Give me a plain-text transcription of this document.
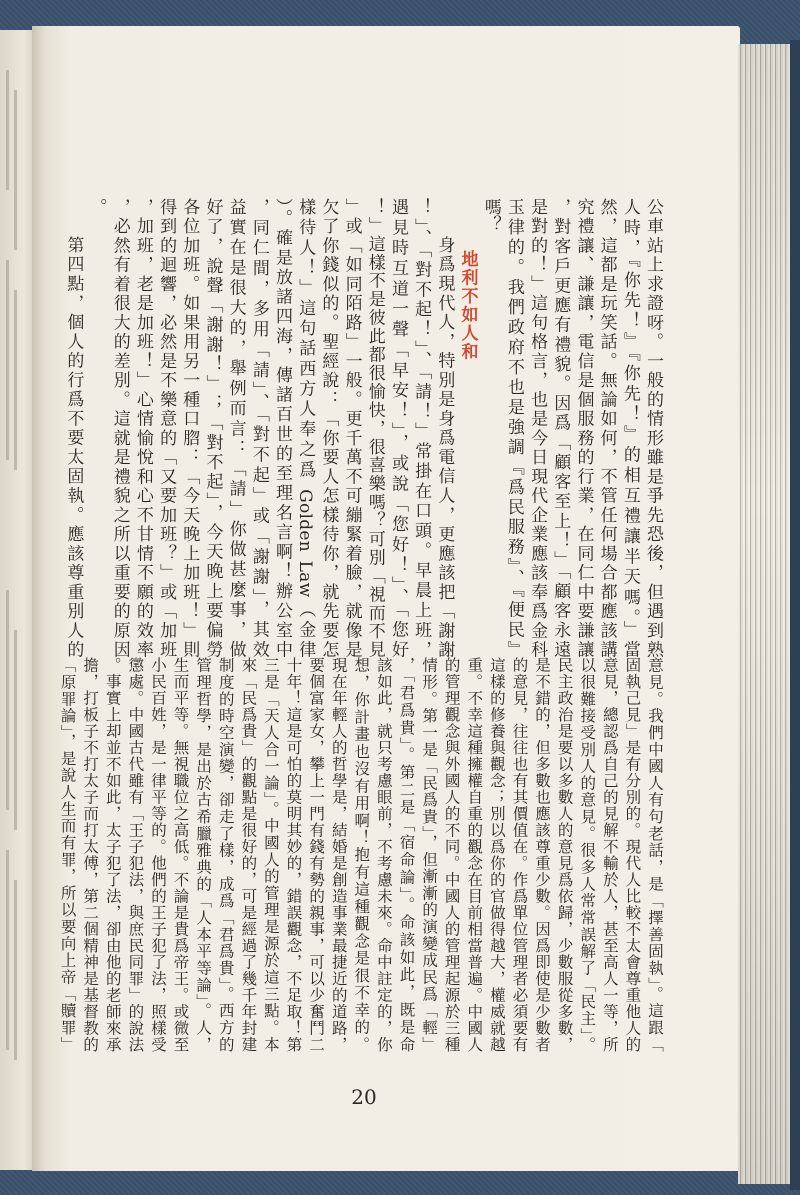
公車站上求證呀。一般的情形雖是爭先恐後，但遇到熟
人時，『你先！』『你先！』的相互禮讓半天嗎。」當
然，這都是玩笑話。無論如何，不管任何場合都應該講
究禮讓、謙讓，電信是個服務的行業，在同仁中要謙讓
，對客戶更應有禮貌。因爲「顧客至上！」「顧客永遠
是對的！」這句格言，也是今日現代企業應該奉爲金科
玉律的。我們政府不也是強調『爲民服務』、『便民』
嗎？
地利不如人和
身爲現代人，特別是身爲電信人，更應該把「謝謝
！」、「對不起！」、「請！」常掛在口頭。早晨上班，
遇見時互道一聲「早安！」，或說「您好！」、「您好
！」這樣不是彼此都很愉快，很喜樂嗎？可別「視而不見
」或「如同陌路」一般。更千萬不可繃緊着臉，就像是
欠了你錢似的。聖經說：「你要人怎樣待你，就先要怎
樣待人！」這句話西方人奉之爲 Golden Law（金律
）。確是放諸四海，傳諸百世的至理名言啊！辦公室中
，同仁間，多用「請」、「對不起」或「謝謝」，其效
益實在是很大的，舉例而言：「請」你做甚麼事，做
好了，說聲「謝謝！」；「對不起」，今天晚上要偏勞
各位加班。如果用另一種口脗：「今天晚上加班！」則
得到的迴響，必然是不樂意的「又要加班？」或「加班
，加班，老是加班！」心情愉悅和心不甘情不願的效率
，必然有着很大的差別。這就是禮貌之所以重要的原因
。
第四點，個人的行爲不要太固執。應該尊重別人的
意見。我們中國人有句老話，是「擇善固執」。這跟「
固執己見」是有分別的。現代人比較不太會尊重他人的
意見，總認爲自己的見解不輸於人，甚至高人一等，所
以很難接受別人的意見。很多人常常誤解了「民主」。
民主政治是要以多數人的意見爲依歸，少數服從多數，
是不錯的，但多數也應該尊重少數。因爲即使是少數者
的意見，往往也有其價值在。作爲單位管理者必須要有
這樣的修養與觀念；別以爲你的官做得越大，權威就越
重。不幸這種擁權自重的觀念在目前相當普遍。中國人
的管理觀念與外國人的不同。中國人的管理起源於三種
情形。第一是「民爲貴」，但漸漸的演變成民爲「輕」
，「君爲貴」。第二是「宿命論」。命該如此，既是命
該如此，就只考慮眼前，不考慮未來。命中註定的，你
想，你計畫也沒有用啊！抱有這種觀念是很不幸的。
現在年輕人的哲學是，結婚是創造事業最捷近的道路，
要個富家女，攀上一門有錢有勢的親事，可以少奮鬥二
十年！這是可怕的莫明其妙的，錯誤觀念，不足取！第
三是「天人合一論」。中國人的管理是源於這三點。本
來「民爲貴」的觀點是很好的，可是經過了幾千年封建
制度的時空演變，卻走了樣，成爲「君爲貴」。西方的
管理哲學，是出於古希臘雅典的「人本平等論」。人，
生而平等。無視職位之高低。不論是貴爲帝王。或微至
小民百姓，是一律平等的。他們的王子犯了法，照樣受
懲處。中國古代雖有「王子犯法，與庶民同罪」的說法
。事實上却並不如此，太子犯了法，卻由他的老師來承
擔，打板子不打太子而打太傅，第二個精神是基督教的
「原罪論」，是說人生而有罪，所以要向上帝「贖罪」
20
